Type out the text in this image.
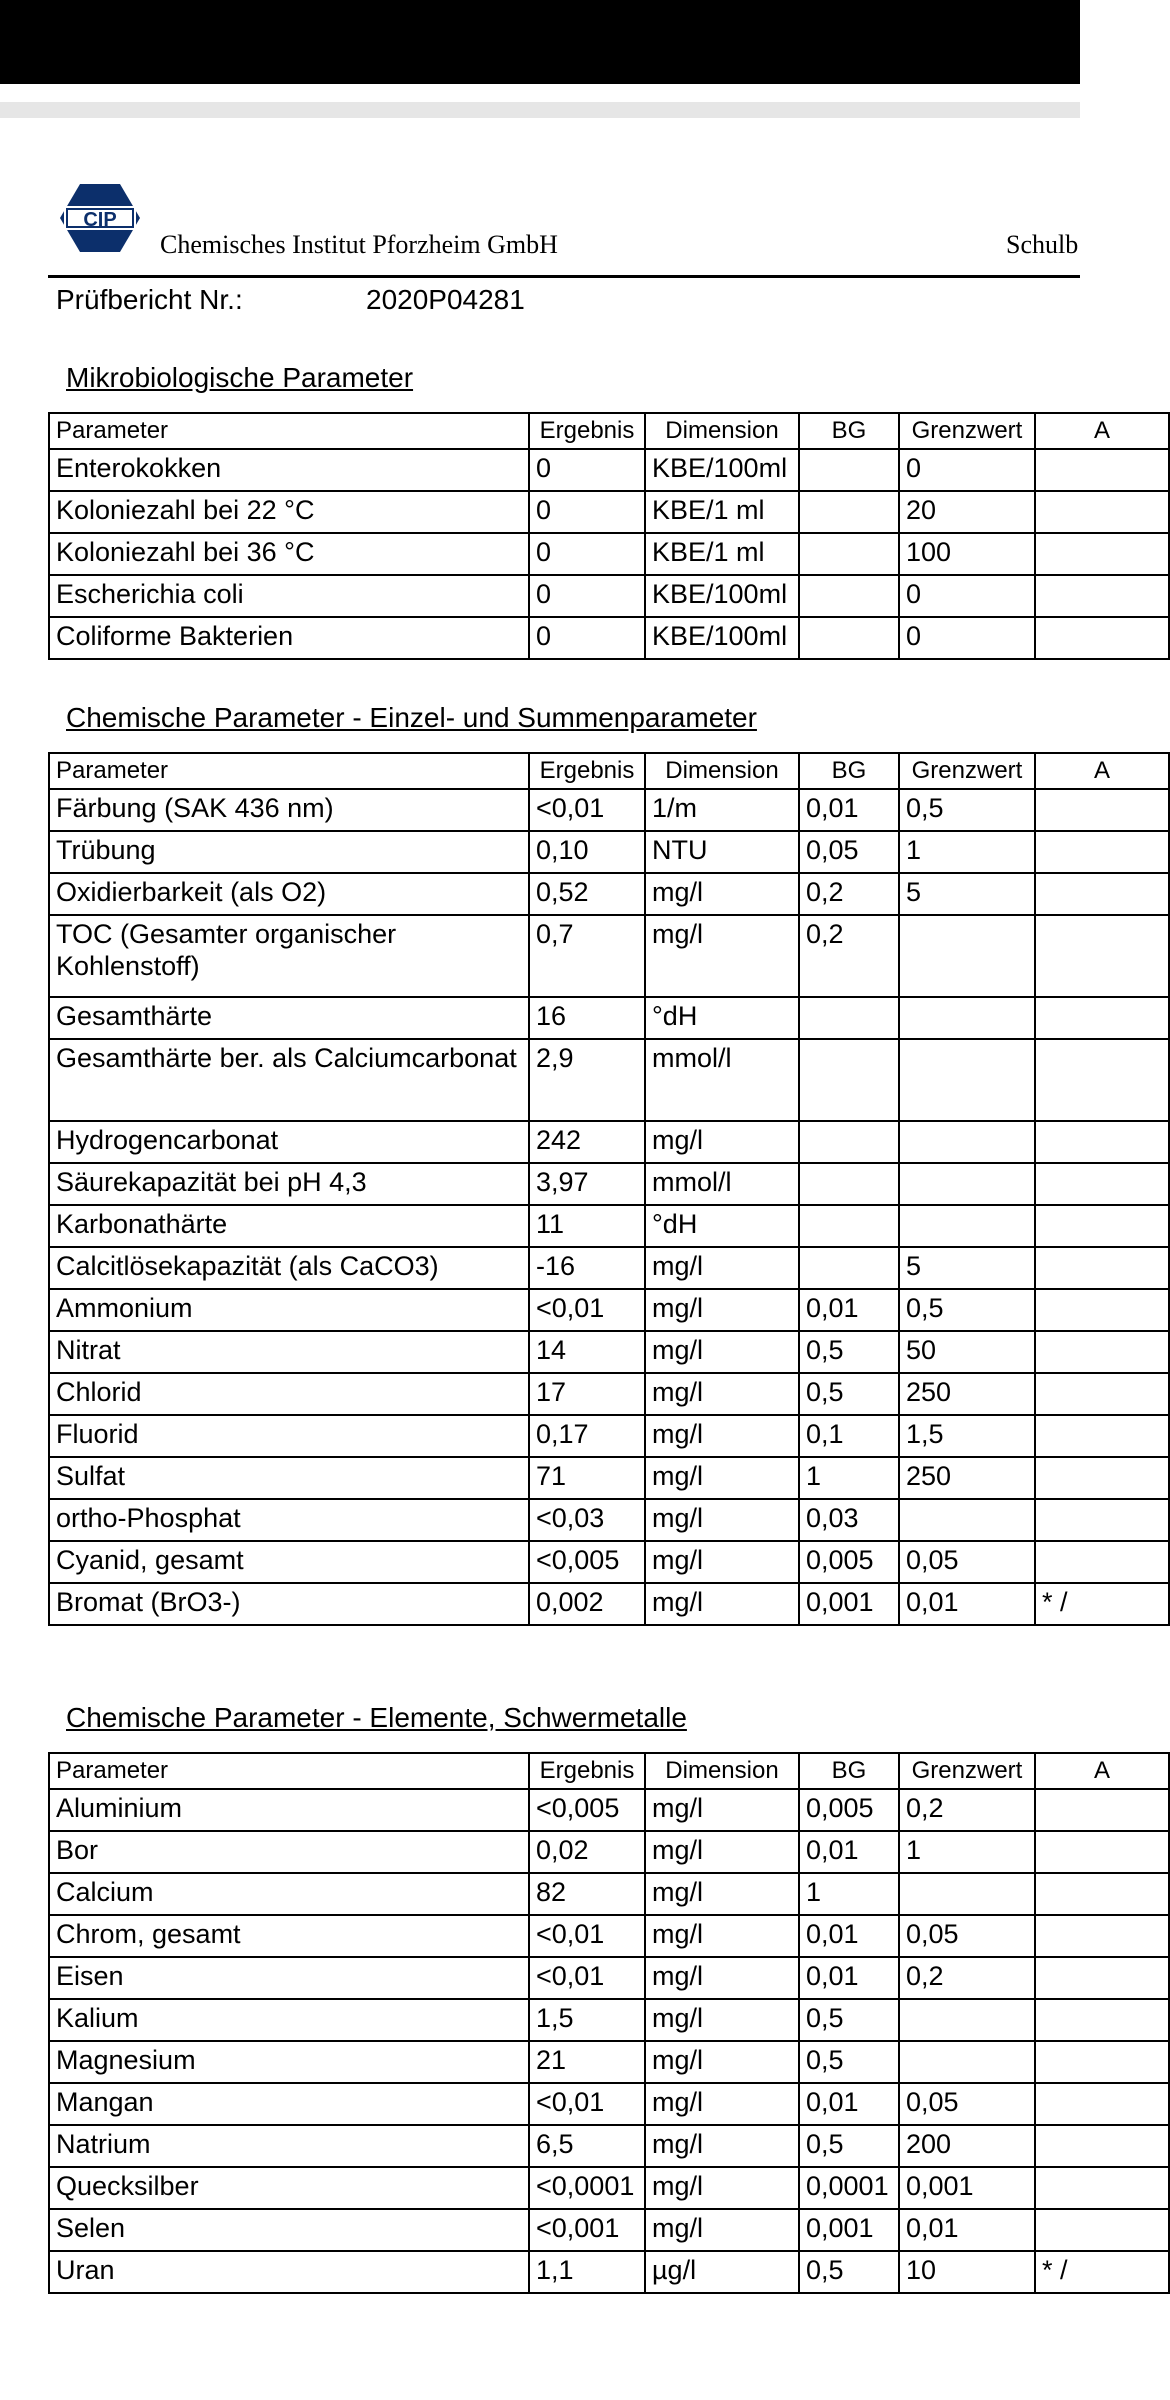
CIP
Chemisches Institut Pforzheim GmbH	Schulb
Prüfbericht Nr.:	2020P04281
Mikrobiologische Parameter
Parameter	Ergebnis	Dimension	BG	Grenzwert	A
Enterokokken	0	KBE/100ml		0	
Koloniezahl bei 22 °C	0	KBE/1 ml		20	
Koloniezahl bei 36 °C	0	KBE/1 ml		100	
Escherichia coli	0	KBE/100ml		0	
Coliforme Bakterien	0	KBE/100ml		0	
Chemische Parameter - Einzel- und Summenparameter
Parameter	Ergebnis	Dimension	BG	Grenzwert	A
Färbung (SAK 436 nm)	<0,01	1/m	0,01	0,5	
Trübung	0,10	NTU	0,05	1	
Oxidierbarkeit (als O2)	0,52	mg/l	0,2	5	
TOC (Gesamter organischer Kohlenstoff)	0,7	mg/l	0,2		
Gesamthärte	16	°dH			
Gesamthärte ber. als Calciumcarbonat	2,9	mmol/l			
Hydrogencarbonat	242	mg/l			
Säurekapazität bei pH 4,3	3,97	mmol/l			
Karbonathärte	11	°dH			
Calcitlösekapazität (als CaCO3)	-16	mg/l		5	
Ammonium	<0,01	mg/l	0,01	0,5	
Nitrat	14	mg/l	0,5	50	
Chlorid	17	mg/l	0,5	250	
Fluorid	0,17	mg/l	0,1	1,5	
Sulfat	71	mg/l	1	250	
ortho-Phosphat	<0,03	mg/l	0,03		
Cyanid, gesamt	<0,005	mg/l	0,005	0,05	
Bromat (BrO3-)	0,002	mg/l	0,001	0,01	* /
Chemische Parameter - Elemente, Schwermetalle
Parameter	Ergebnis	Dimension	BG	Grenzwert	A
Aluminium	<0,005	mg/l	0,005	0,2	
Bor	0,02	mg/l	0,01	1	
Calcium	82	mg/l	1		
Chrom, gesamt	<0,01	mg/l	0,01	0,05	
Eisen	<0,01	mg/l	0,01	0,2	
Kalium	1,5	mg/l	0,5		
Magnesium	21	mg/l	0,5		
Mangan	<0,01	mg/l	0,01	0,05	
Natrium	6,5	mg/l	0,5	200	
Quecksilber	<0,0001	mg/l	0,0001	0,001	
Selen	<0,001	mg/l	0,001	0,01	
Uran	1,1	µg/l	0,5	10	* /
